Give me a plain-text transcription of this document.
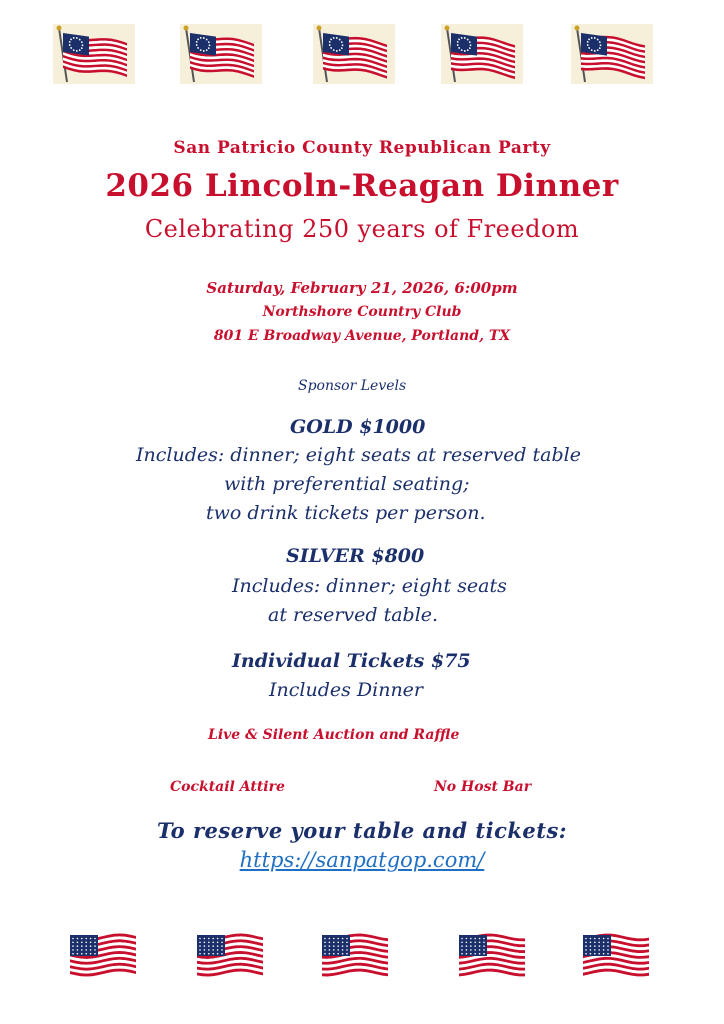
San Patricio County Republican Party

2026 Lincoln-Reagan Dinner

Celebrating 250 years of Freedom

Saturday, February 21, 2026, 6:00pm

Northshore Country Club

801 E Broadway Avenue, Portland, TX

Sponsor Levels

GOLD $1000

Includes: dinner; eight seats at reserved table

with preferential seating;

two drink tickets per person.

SILVER $800

Includes: dinner; eight seats

at reserved table.

Individual Tickets $75

Includes Dinner

Live & Silent Auction and Raffle

Cocktail Attire	No Host Bar

To reserve your table and tickets:

https://sanpatgop.com/
